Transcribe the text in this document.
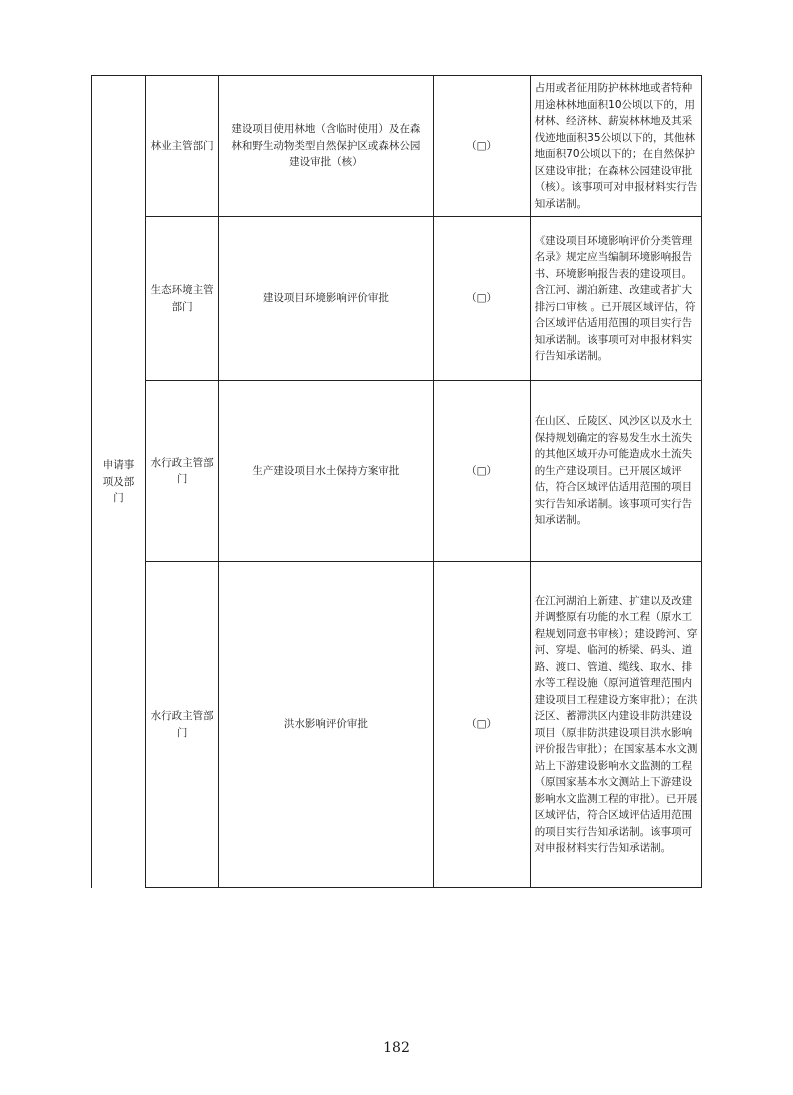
申请事项及部门	林业主管部门	建设项目使用林地（含临时使用）及在森林和野生动物类型自然保护区或森林公园建设审批（核）	（□）	占用或者征用防护林林地或者特种用途林林地面积10公顷以下的，用材林、经济林、薪炭林林地及其采伐迹地面积35公顷以下的，其他林地面积70公顷以下的；在自然保护区建设审批；在森林公园建设审批（核）。该事项可对申报材料实行告知承诺制。
	生态环境主管部门	建设项目环境影响评价审批	（□）	《建设项目环境影响评价分类管理名录》规定应当编制环境影响报告书、环境影响报告表的建设项目。含江河、湖泊新建、改建或者扩大排污口审核 。已开展区域评估，符合区域评估适用范围的项目实行告知承诺制。该事项可对申报材料实行告知承诺制。
	水行政主管部门	生产建设项目水土保持方案审批	（□）	在山区、丘陵区、风沙区以及水土保持规划确定的容易发生水土流失的其他区域开办可能造成水土流失的生产建设项目。已开展区域评估，符合区域评估适用范围的项目实行告知承诺制。该事项可实行告知承诺制。
	水行政主管部门	洪水影响评价审批	（□）	在江河湖泊上新建、扩建以及改建并调整原有功能的水工程（原水工程规划同意书审核）；建设跨河、穿河、穿堤、临河的桥梁、码头、道路、渡口、管道、缆线、取水、排水等工程设施（原河道管理范围内建设项目工程建设方案审批）；在洪泛区、蓄滞洪区内建设非防洪建设项目（原非防洪建设项目洪水影响评价报告审批）；在国家基本水文测站上下游建设影响水文监测的工程（原国家基本水文测站上下游建设影响水文监测工程的审批）。已开展区域评估，符合区域评估适用范围的项目实行告知承诺制。该事项可对申报材料实行告知承诺制。
182
